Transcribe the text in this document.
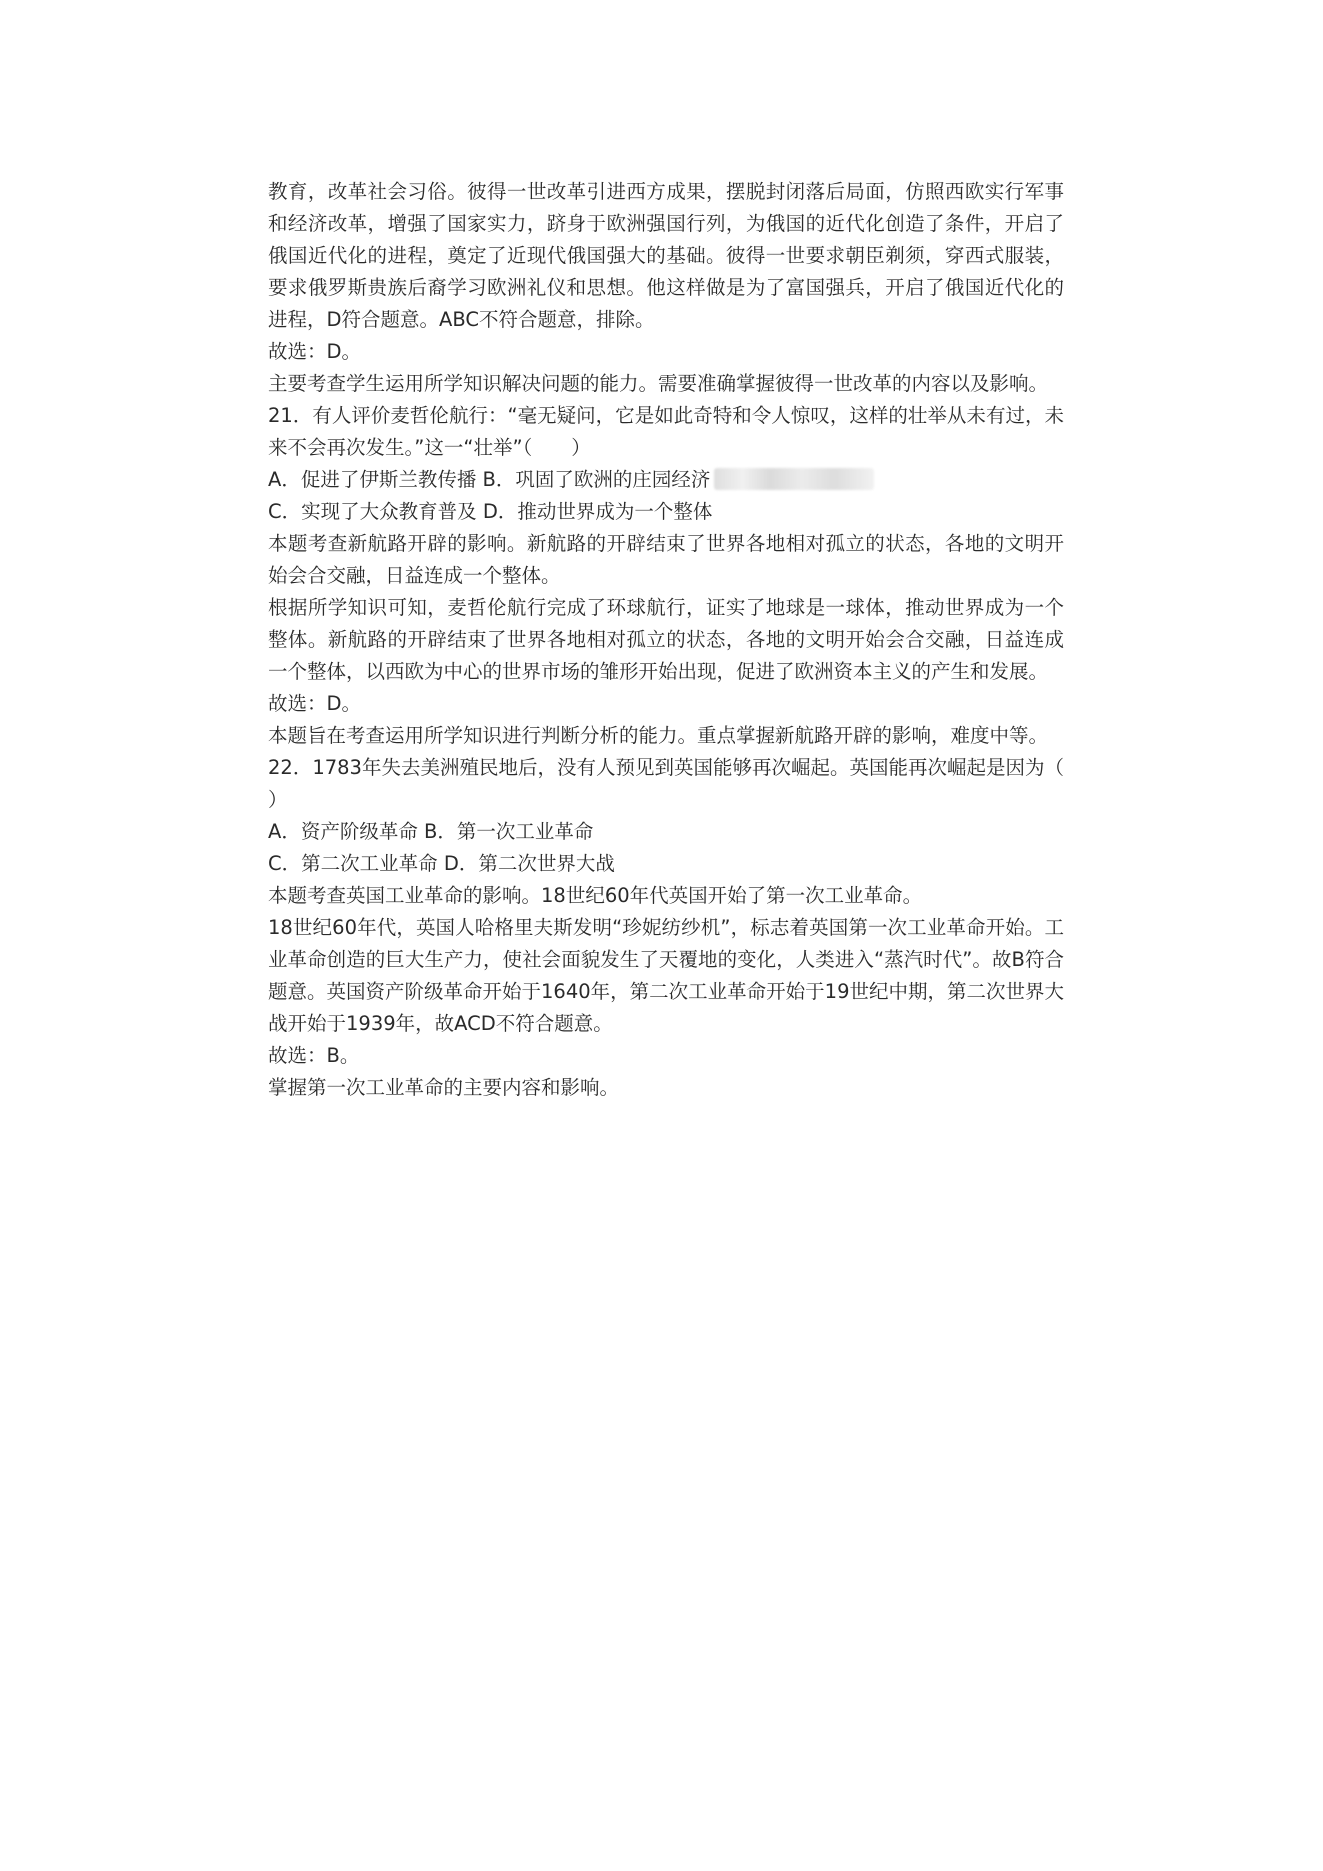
教育，改革社会习俗。彼得一世改革引进西方成果，摆脱封闭落后局面，仿照西欧实行军事和经济改革，增强了国家实力，跻身于欧洲强国行列，为俄国的近代化创造了条件，开启了俄国近代化的进程，奠定了近现代俄国强大的基础。彼得一世要求朝臣剃须，穿西式服装，要求俄罗斯贵族后裔学习欧洲礼仪和思想。他这样做是为了富国强兵，开启了俄国近代化的进程，D符合题意。ABC不符合题意，排除。

故选：D。

主要考查学生运用所学知识解决问题的能力。需要准确掌握彼得一世改革的内容以及影响。

21．有人评价麦哲伦航行：“毫无疑问，它是如此奇特和令人惊叹，这样的壮举从未有过，未来不会再次发生。”这一“壮举”（　　）

A．促进了伊斯兰教传播 B．巩固了欧洲的庄园经济

C．实现了大众教育普及 D．推动世界成为一个整体

本题考查新航路开辟的影响。新航路的开辟结束了世界各地相对孤立的状态，各地的文明开始会合交融，日益连成一个整体。

根据所学知识可知，麦哲伦航行完成了环球航行，证实了地球是一球体，推动世界成为一个整体。新航路的开辟结束了世界各地相对孤立的状态，各地的文明开始会合交融，日益连成一个整体，以西欧为中心的世界市场的雏形开始出现，促进了欧洲资本主义的产生和发展。

故选：D。

本题旨在考查运用所学知识进行判断分析的能力。重点掌握新航路开辟的影响，难度中等。

22．1783年失去美洲殖民地后，没有人预见到英国能够再次崛起。英国能再次崛起是因为（　　）

A．资产阶级革命 B．第一次工业革命

C．第二次工业革命 D．第二次世界大战

本题考查英国工业革命的影响。18世纪60年代英国开始了第一次工业革命。

18世纪60年代，英国人哈格里夫斯发明“珍妮纺纱机”，标志着英国第一次工业革命开始。工业革命创造的巨大生产力，使社会面貌发生了天覆地的变化，人类进入“蒸汽时代”。故B符合题意。英国资产阶级革命开始于1640年，第二次工业革命开始于19世纪中期，第二次世界大战开始于1939年，故ACD不符合题意。

故选：B。

掌握第一次工业革命的主要内容和影响。
